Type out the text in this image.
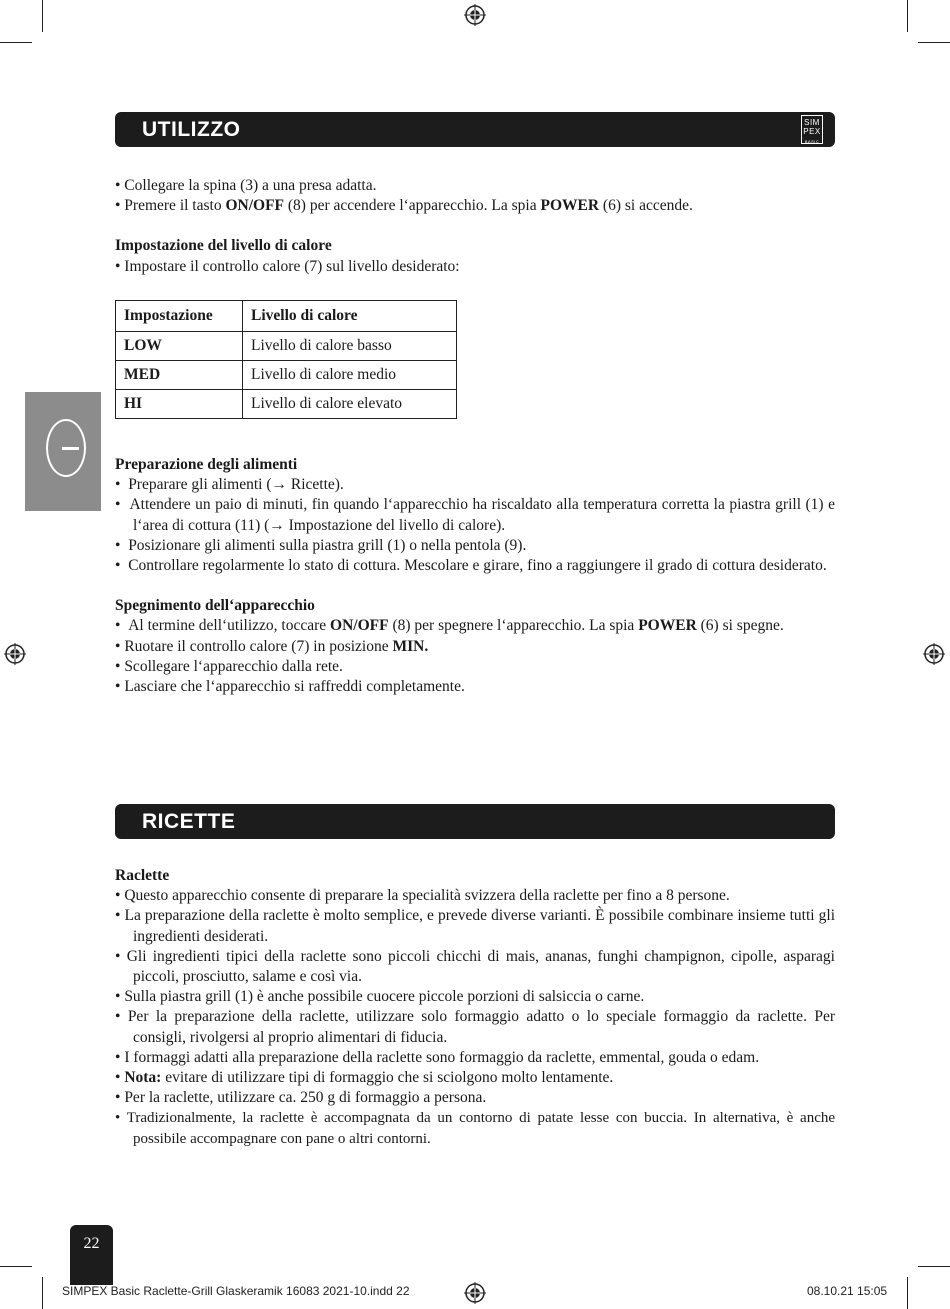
UTILIZZO	SIM
PEX
BASIC

• Collegare la spina (3) a una presa adatta.

• Premere il tasto ON/OFF (8) per accendere l‘apparecchio. La spia POWER (6) si accende.

Impostazione del livello di calore

• Impostare il controllo calore (7) sul livello desiderato:

Impostazione	Livello di calore
LOW	Livello di calore basso
MED	Livello di calore medio
HI	Livello di calore elevato

Preparazione degli alimenti

•  Preparare gli alimenti (→ Ricette).

•  Attendere un paio di minuti, fin quando l‘apparecchio ha riscaldato alla temperatura corretta la piastra grill (1) e l‘area di cottura (11) (→ Impostazione del livello di calore).

•  Posizionare gli alimenti sulla piastra grill (1) o nella pentola (9).

•  Controllare regolarmente lo stato di cottura. Mescolare e girare, fino a raggiungere il grado di cottura desiderato.

Spegnimento dell‘apparecchio

•  Al termine dell‘utilizzo, toccare ON/OFF (8) per spegnere l‘apparecchio. La spia POWER (6) si spegne.

• Ruotare il controllo calore (7) in posizione MIN.

• Scollegare l‘apparecchio dalla rete.

• Lasciare che l‘apparecchio si raffreddi completamente.

RICETTE

Raclette

• Questo apparecchio consente di preparare la specialità svizzera della raclette per fino a 8 persone.

• La preparazione della raclette è molto semplice, e prevede diverse varianti. È possibile combinare insieme tutti gli ingredienti desiderati.

• Gli ingredienti tipici della raclette sono piccoli chicchi di mais, ananas, funghi champignon, cipolle, asparagi piccoli, prosciutto, salame e così via.

• Sulla piastra grill (1) è anche possibile cuocere piccole porzioni di salsiccia o carne.

• Per la preparazione della raclette, utilizzare solo formaggio adatto o lo speciale formaggio da raclette. Per consigli, rivolgersi al proprio alimentari di fiducia.

• I formaggi adatti alla preparazione della raclette sono formaggio da raclette, emmental, gouda o edam.

• Nota: evitare di utilizzare tipi di formaggio che si sciolgono molto lentamente.

• Per la raclette, utilizzare ca. 250 g di formaggio a persona.

• Tradizionalmente, la raclette è accompagnata da un contorno di patate lesse con buccia. In alternativa, è anche possibile accompagnare con pane o altri contorni.

22
SIMPEX Basic Raclette-Grill Glaskeramik 16083 2021-10.indd 22	08.10.21 15:05
